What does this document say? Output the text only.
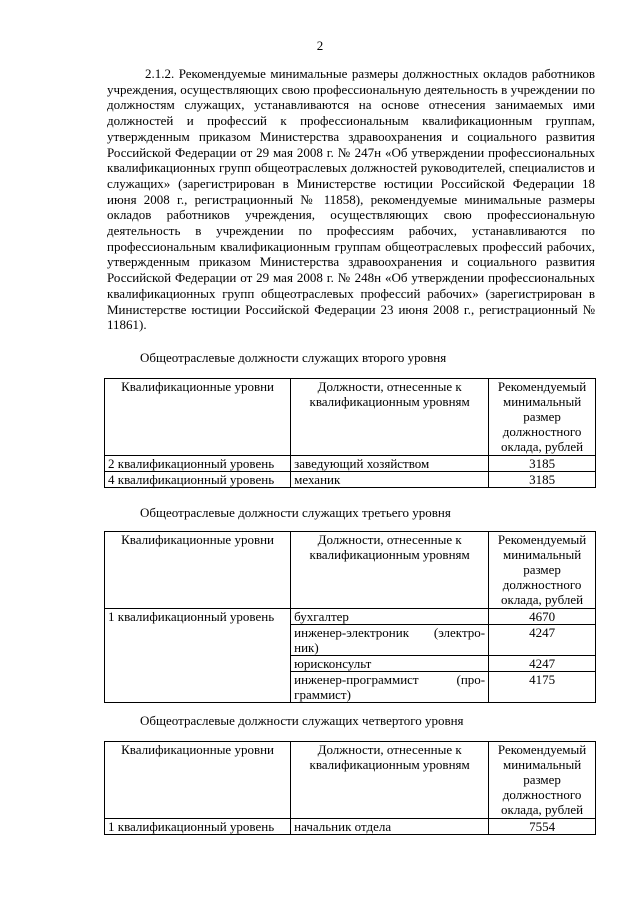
2
2.1.2. Рекомендуемые минимальные размеры должностных окладов работников учреждения, осуществляющих свою профессиональную деятельность в учреждении по должностям служащих, устанавливаются на основе отнесения занимаемых ими должностей и профессий к профессиональным квалификационным группам, утвержденным приказом Министерства здравоохранения и социального развития Российской Федерации от 29 мая 2008 г. № 247н «Об утверждении профессиональных квалификационных групп общеотраслевых должностей руководителей, специалистов и служащих» (зарегистрирован в Министерстве юстиции Российской Федерации 18 июня 2008 г., регистрационный № 11858), рекомендуемые минимальные размеры окладов работников учреждения, осуществляющих свою профессиональную деятельность в учреждении по профессиям рабочих, устанавливаются по профессиональным квалификационным группам общеотраслевых профессий рабочих, утвержденным приказом Министерства здравоохранения и социального развития Российской Федерации от 29 мая 2008 г. № 248н «Об утверждении профессиональных квалификационных групп общеотраслевых профессий рабочих» (зарегистрирован в Министерстве юстиции Российской Федерации 23 июня 2008 г., регистрационный № 11861).
Общеотраслевые должности служащих второго уровня
Квалификационные уровни	Должности, отнесенные к квалификационным уровням	Рекомендуемый минимальный размер должностного оклада, рублей
2 квалификационный уровень	заведующий хозяйством	3185
4 квалификационный уровень	механик	3185
Общеотраслевые должности служащих третьего уровня
Квалификационные уровни	Должности, отнесенные к квалификационным уровням	Рекомендуемый минимальный размер должностного оклада, рублей
1 квалификационный уровень	бухгалтер	4670

	инженер-электроник (электро-
ник)	4247
	юрисконсульт	4247

	инженер-программист (про-
граммист)	4175
Общеотраслевые должности служащих четвертого уровня
Квалификационные уровни	Должности, отнесенные к квалификационным уровням	Рекомендуемый минимальный размер должностного оклада, рублей
1 квалификационный уровень	начальник отдела	7554
